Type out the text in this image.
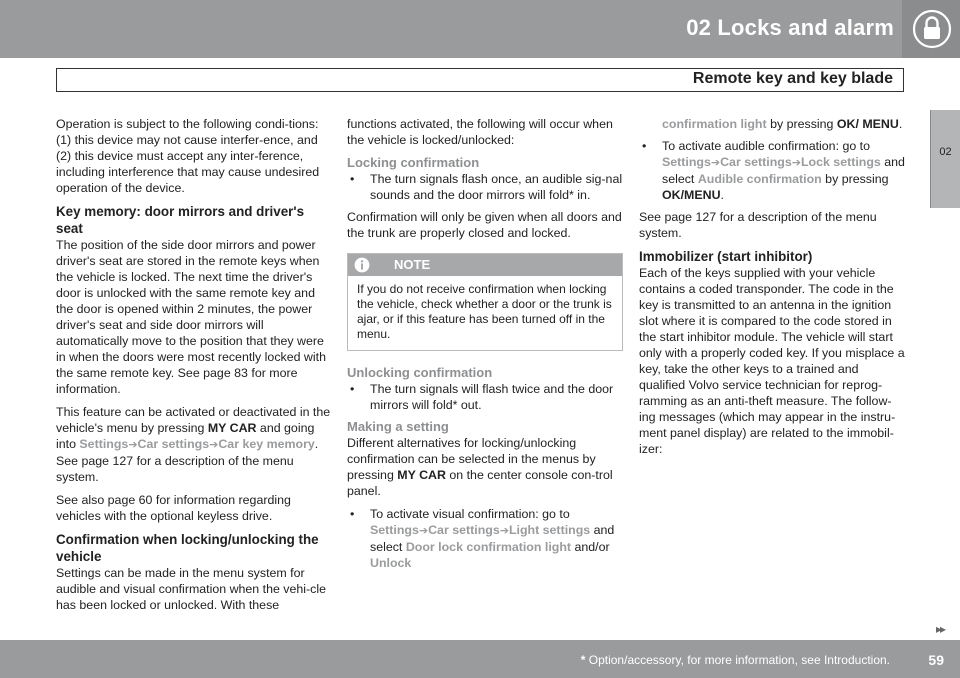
02 Locks and alarm
Remote key and key blade
02

Operation is subject to the following condi-tions: (1) this device may not cause interfer-ence, and (2) this device must accept any inter-ference, including interference that may cause undesired operation of the device.

Key memory: door mirrors and driver's seat

The position of the side door mirrors and power driver's seat are stored in the remote keys when the vehicle is locked. The next time the driver's door is unlocked with the same remote key and the door is opened within 2 minutes, the power driver's seat and side door mirrors will automatically move to the position that they were in when the doors were most recently locked with the same remote key. See page 83 for more information.

This feature can be activated or deactivated in the vehicle's menu by pressing MY CAR and going into Settings➔Car settings➔Car key memory. See page 127 for a description of the menu system.

See also page 60 for information regarding vehicles with the optional keyless drive.

Confirmation when locking/unlocking the vehicle

Settings can be made in the menu system for audible and visual confirmation when the vehi-cle has been locked or unlocked. With these

functions activated, the following will occur when the vehicle is locked/unlocked:

Locking confirmation
• The turn signals flash once, an audible sig-nal sounds and the door mirrors will fold* in.

Confirmation will only be given when all doors and the trunk are properly closed and locked.

NOTE
If you do not receive confirmation when locking the vehicle, check whether a door or the trunk is ajar, or if this feature has been turned off in the menu.
Unlocking confirmation
• The turn signals will flash twice and the door mirrors will fold* out.
Making a setting

Different alternatives for locking/unlocking confirmation can be selected in the menus by pressing MY CAR on the center console con-trol panel.

• To activate visual confirmation: go to Settings➔Car settings➔Light settings and select Door lock confirmation light and/or Unlock
confirmation light by pressing OK/ MENU.
• To activate audible confirmation: go to Settings➔Car settings➔Lock settings and select Audible confirmation by pressing OK/MENU.

See page 127 for a description of the menu system.

Immobilizer (start inhibitor)

Each of the keys supplied with your vehicle contains a coded transponder. The code in the key is transmitted to an antenna in the ignition slot where it is compared to the code stored in the start inhibitor module. The vehicle will start only with a properly coded key. If you misplace a key, take the other keys to a trained and qualified Volvo service technician for reprog-ramming as an anti-theft measure. The follow-ing messages (which may appear in the instru-ment panel display) are related to the immobil-izer:

▸▸
* Option/accessory, for more information, see Introduction.	59
